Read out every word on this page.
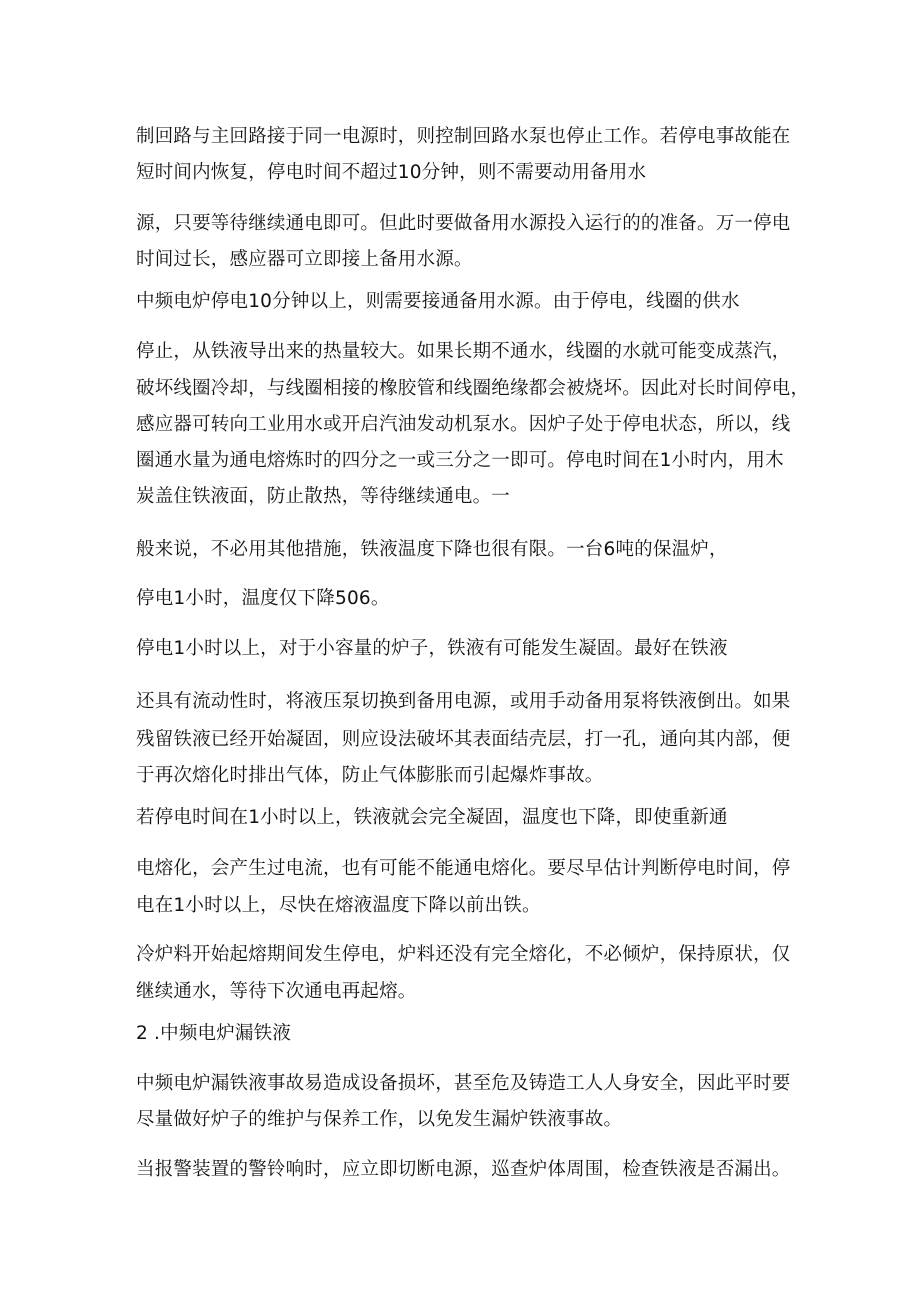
制回路与主回路接于同一电源时，则控制回路水泵也停止工作。若停电事故能在
短时间内恢复，停电时间不超过10分钟，则不需要动用备用水
源，只要等待继续通电即可。但此时要做备用水源投入运行的的准备。万一停电
时间过长，感应器可立即接上备用水源。
中频电炉停电10分钟以上，则需要接通备用水源。由于停电，线圈的供水
停止，从铁液导出来的热量较大。如果长期不通水，线圈的水就可能变成蒸汽，
破坏线圈冷却，与线圈相接的橡胶管和线圈绝缘都会被烧坏。因此对长时间停电，
感应器可转向工业用水或开启汽油发动机泵水。因炉子处于停电状态，所以，线
圈通水量为通电熔炼时的四分之一或三分之一即可。停电时间在1小时内，用木
炭盖住铁液面，防止散热，等待继续通电。一
般来说，不必用其他措施，铁液温度下降也很有限。一台6吨的保温炉，
停电1小时，温度仅下降506。
停电1小时以上，对于小容量的炉子，铁液有可能发生凝固。最好在铁液
还具有流动性时，将液压泵切换到备用电源，或用手动备用泵将铁液倒出。如果
残留铁液已经开始凝固，则应设法破坏其表面结壳层，打一孔，通向其内部，便
于再次熔化时排出气体，防止气体膨胀而引起爆炸事故。
若停电时间在1小时以上，铁液就会完全凝固，温度也下降，即使重新通
电熔化，会产生过电流，也有可能不能通电熔化。要尽早估计判断停电时间，停
电在1小时以上，尽快在熔液温度下降以前出铁。
冷炉料开始起熔期间发生停电，炉料还没有完全熔化，不必倾炉，保持原状，仅
继续通水，等待下次通电再起熔。
2 .中频电炉漏铁液
中频电炉漏铁液事故易造成设备损坏，甚至危及铸造工人人身安全，因此平时要
尽量做好炉子的维护与保养工作，以免发生漏炉铁液事故。
当报警装置的警铃响时，应立即切断电源，巡查炉体周围，检查铁液是否漏出。
